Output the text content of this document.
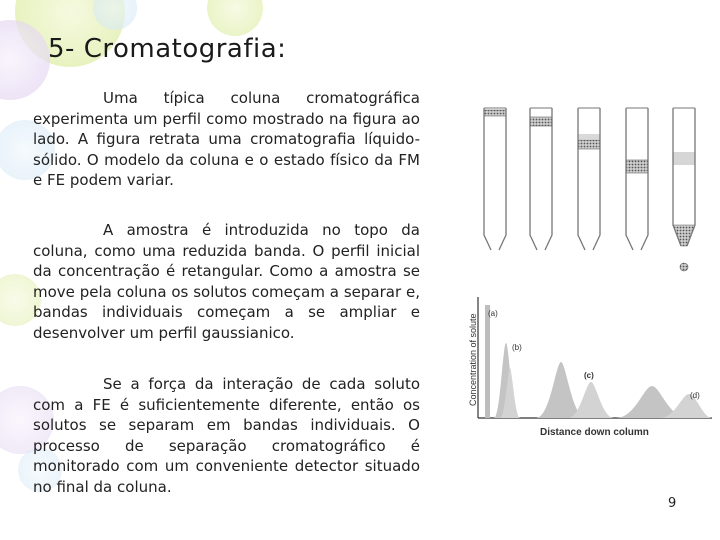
5- Cromatografia:

Uma típica coluna cromatográfica experimenta um perfil como mostrado na figura ao lado. A figura retrata uma cromatografia líquido-sólido. O modelo da coluna e o estado físico da FM e FE podem variar.

A amostra é introduzida no topo da coluna, como uma reduzida banda. O perfil inicial da concentração é retangular. Como a amostra se move pela coluna os solutos começam a separar e, bandas individuais começam a se ampliar e desenvolver um perfil gaussianico.

Se a força da interação de cada soluto com a FE é suficientemente diferente, então os solutos se separam em bandas individuais. O processo de separação cromatográfico é monitorado com um conveniente detector situado no final da coluna.

Concentration of solute
Distance down column
(a)
(b)
(c)
(d)
9
